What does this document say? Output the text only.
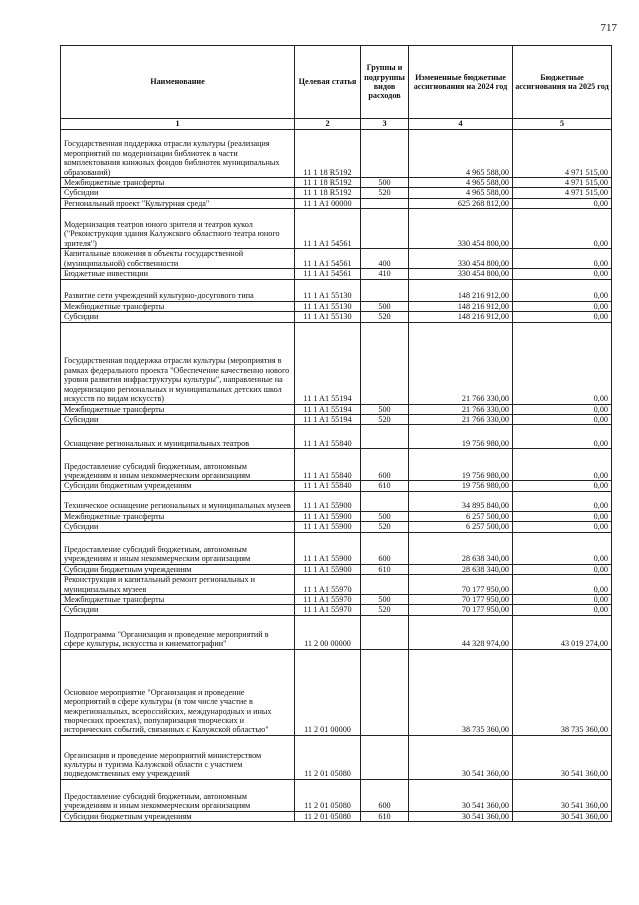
717
Наименование	Целевая статья	Группы и подгруппы видов расходов	Измененные бюджетные ассигнования на 2024 год	Бюджетные ассигнования на 2025 год
1	2	3	4	5
Государственная поддержка отрасли культуры (реализация мероприятий по модернизации библиотек в части комплектования книжных фондов библиотек муниципальных образований)	11 1 18 R5192		4 965 588,00	4 971 515,00
Межбюджетные трансферты	11 1 18 R5192	500	4 965 588,00	4 971 515,00
Субсидии	11 1 18 R5192	520	4 965 588,00	4 971 515,00
Региональный проект "Культурная среда"	11 1 A1 00000		625 268 812,00	0,00
Модернизация театров юного зрителя и театров кукол ("Реконструкция здания Калужского областного театра юного зрителя")	11 1 A1 54561		330 454 800,00	0,00
Капитальные вложения в объекты государственной (муниципальной) собственности	11 1 A1 54561	400	330 454 800,00	0,00
Бюджетные инвестиции	11 1 A1 54561	410	330 454 800,00	0,00
Развитие сети учреждений культурно-досугового типа	11 1 A1 55130		148 216 912,00	0,00
Межбюджетные трансферты	11 1 A1 55130	500	148 216 912,00	0,00
Субсидии	11 1 A1 55130	520	148 216 912,00	0,00
Государственная поддержка отрасли культуры (мероприятия в рамках федерального проекта "Обеспечение качественно нового уровня развития инфраструктуры культуры", направленные на модернизацию региональных и муниципальных детских школ искусств по видам искусств)	11 1 A1 55194		21 766 330,00	0,00
Межбюджетные трансферты	11 1 A1 55194	500	21 766 330,00	0,00
Субсидии	11 1 A1 55194	520	21 766 330,00	0,00
Оснащение региональных и муниципальных театров	11 1 A1 55840		19 756 980,00	0,00
Предоставление субсидий бюджетным, автономным учреждениям и иным некоммерческим организациям	11 1 A1 55840	600	19 756 980,00	0,00
Субсидии бюджетным учреждениям	11 1 A1 55840	610	19 756 980,00	0,00
Техническое оснащение региональных и муниципальных музеев	11 1 A1 55900		34 895 840,00	0,00
Межбюджетные трансферты	11 1 A1 55900	500	6 257 500,00	0,00
Субсидии	11 1 A1 55900	520	6 257 500,00	0,00
Предоставление субсидий бюджетным, автономным учреждениям и иным некоммерческим организациям	11 1 A1 55900	600	28 638 340,00	0,00
Субсидии бюджетным учреждениям	11 1 A1 55900	610	28 638 340,00	0,00
Реконструкция и капитальный ремонт региональных и муниципальных музеев	11 1 A1 55970		70 177 950,00	0,00
Межбюджетные трансферты	11 1 A1 55970	500	70 177 950,00	0,00
Субсидии	11 1 A1 55970	520	70 177 950,00	0,00
Подпрограмма "Организация и проведение мероприятий в сфере культуры, искусства и кинематографии"	11 2 00 00000		44 328 974,00	43 019 274,00
Основное мероприятие "Организация и проведение мероприятий в сфере культуры (в том числе участие в межрегиональных, всероссийских, международных и иных творческих проектах), популяризация творческих и исторических событий, связанных с Калужской областью"	11 2 01 00000		38 735 360,00	38 735 360,00
Организация и проведение мероприятий министерством культуры и туризма Калужской области с участием подведомственных ему учреждений	11 2 01 05080		30 541 360,00	30 541 360,00
Предоставление субсидий бюджетным, автономным учреждениям и иным некоммерческим организациям	11 2 01 05080	600	30 541 360,00	30 541 360,00
Субсидии бюджетным учреждениям	11 2 01 05080	610	30 541 360,00	30 541 360,00
